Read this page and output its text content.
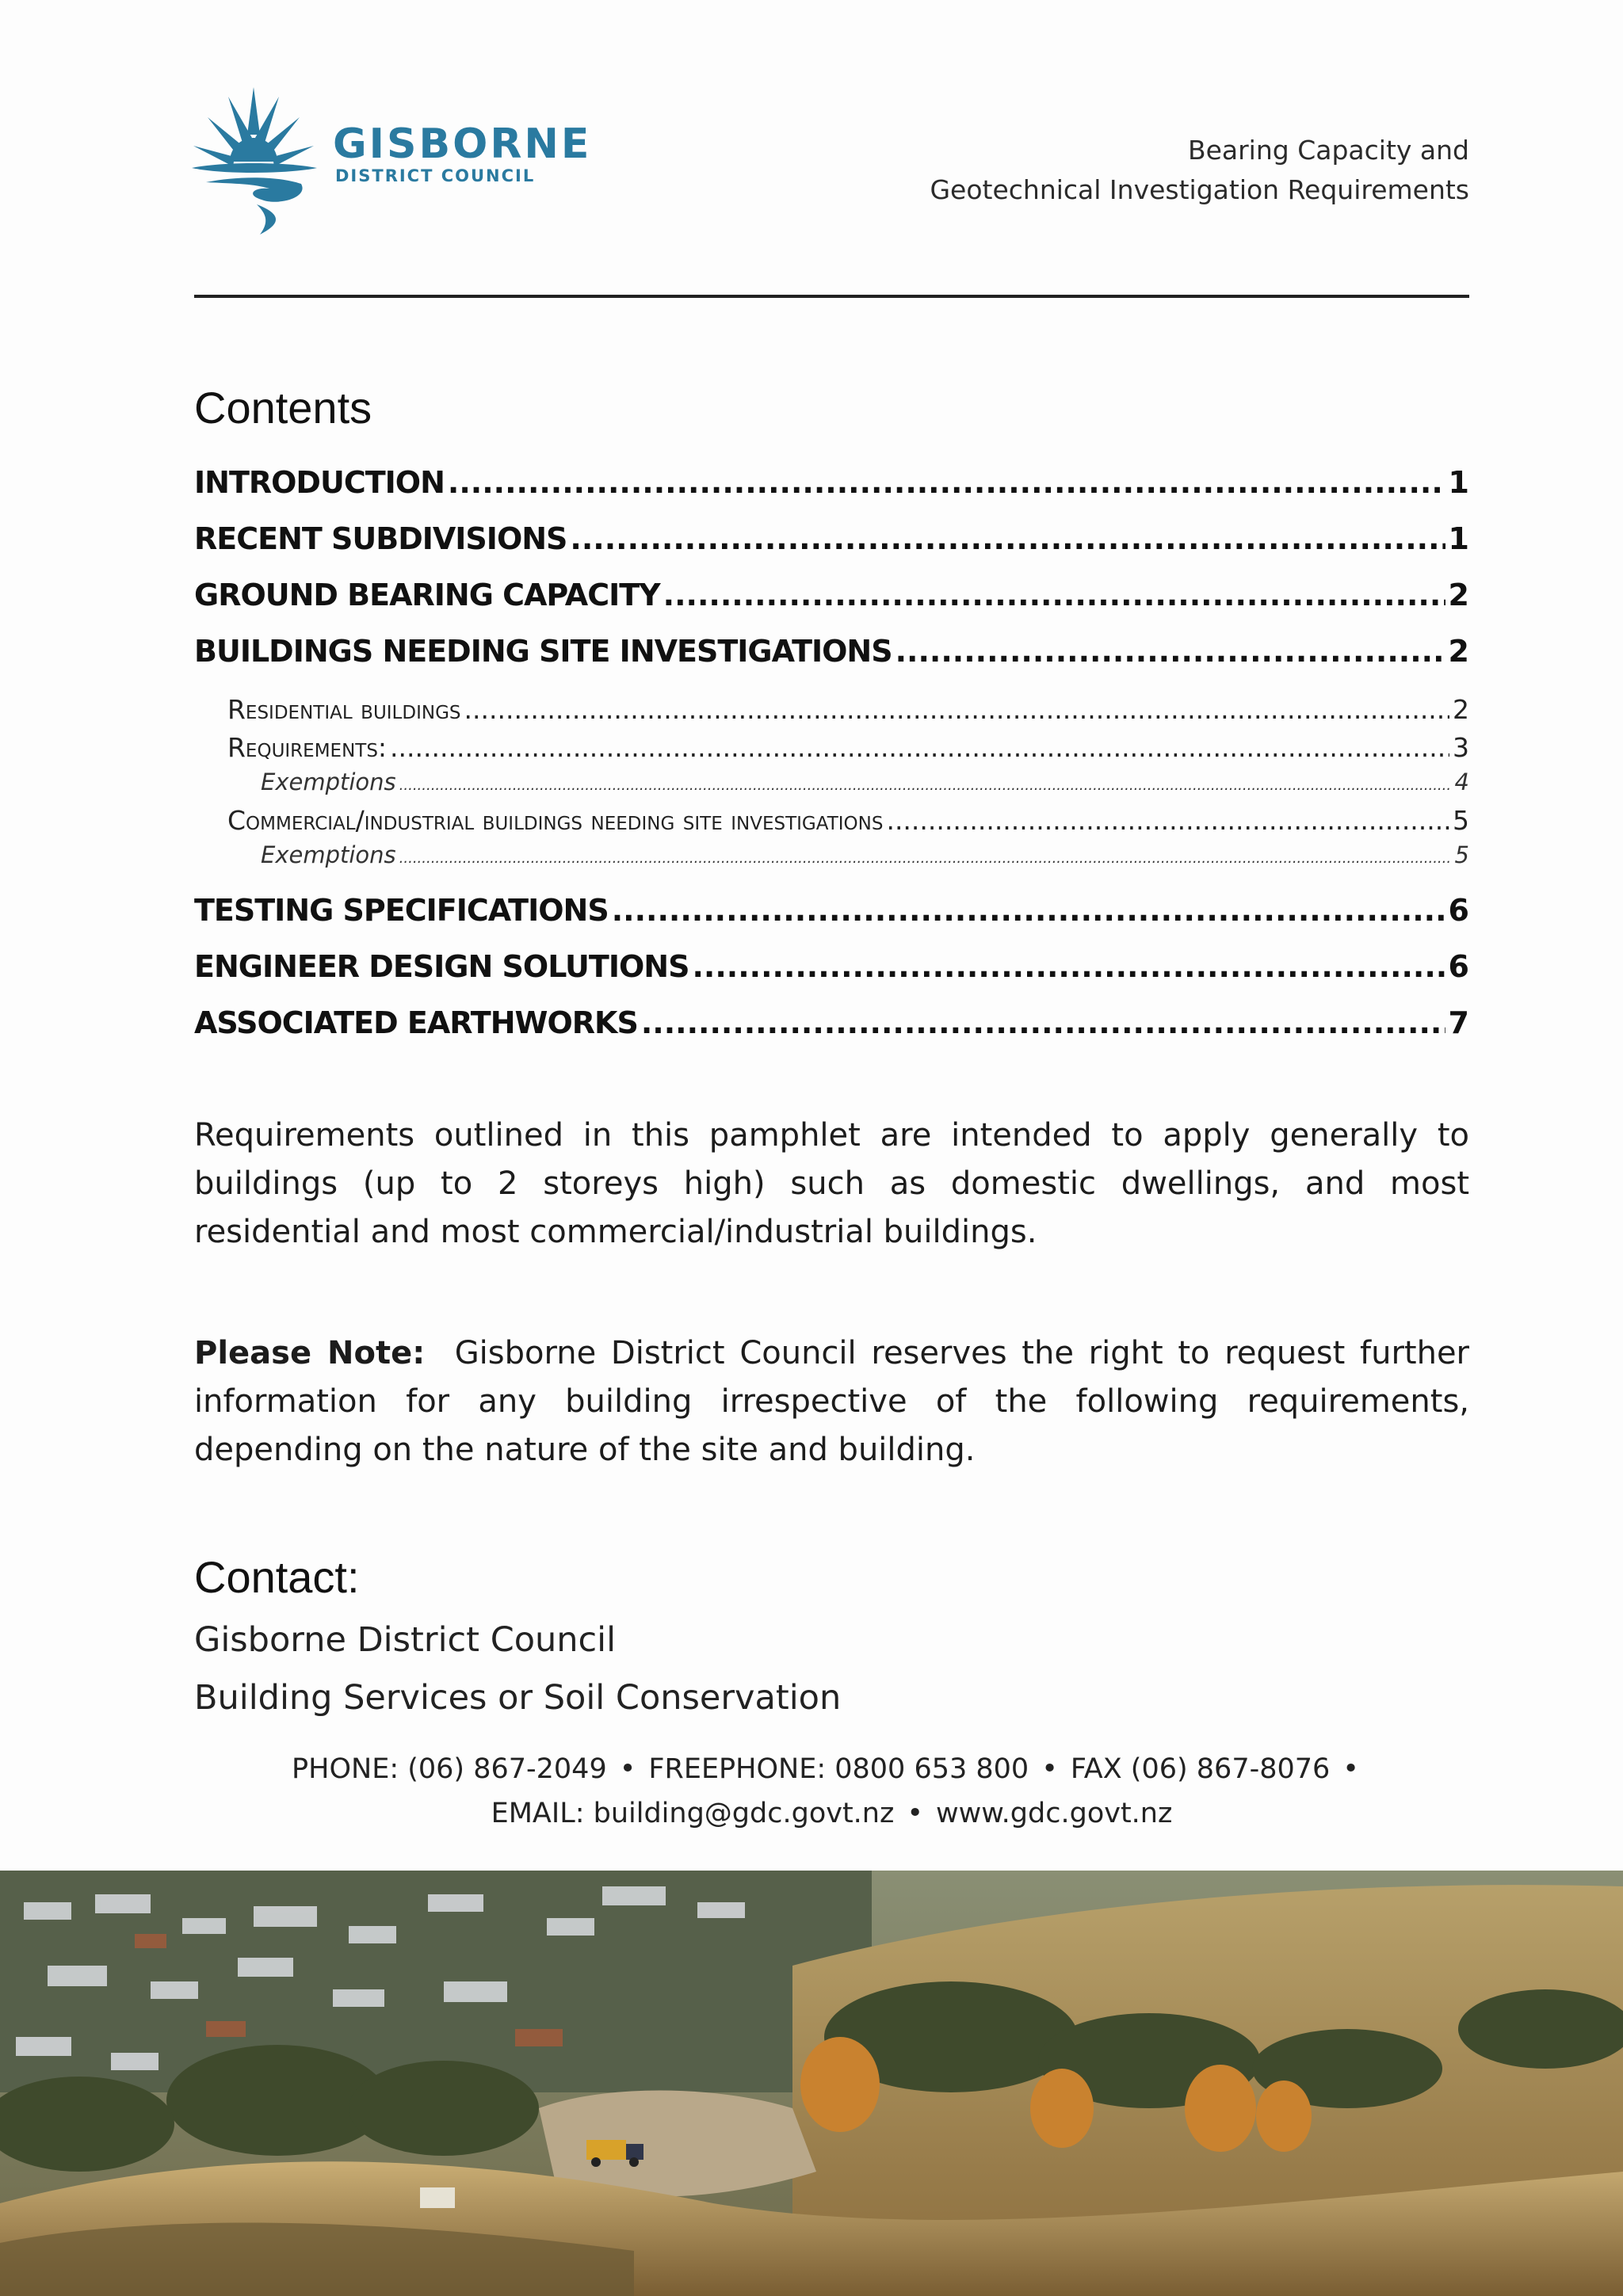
GISBORNE
DISTRICT COUNCIL
Bearing Capacity and
Geotechnical Investigation Requirements
Contents
INTRODUCTION .....	1
RECENT SUBDIVISIONS .....	1
GROUND BEARING CAPACITY .....	2
BUILDINGS NEEDING SITE INVESTIGATIONS .....	2
Residential buildings .....	2
Requirements: .....	3
Exemptions .....	4
Commercial/industrial buildings needing site investigations .....	5
Exemptions .....	5
TESTING SPECIFICATIONS .....	6
ENGINEER DESIGN SOLUTIONS .....	6
ASSOCIATED EARTHWORKS .....	7
Requirements outlined in this pamphlet are intended to apply generally to buildings (up to 2 storeys high) such as domestic dwellings, and most residential and most commercial/industrial buildings.
Please Note: Gisborne District Council reserves the right to request further information for any building irrespective of the following requirements, depending on the nature of the site and building.
Contact:
Gisborne District Council
Building Services or Soil Conservation
PHONE: (06) 867-2049 • FREEPHONE: 0800 653 800 • FAX (06) 867-8076 •
EMAIL: building@gdc.govt.nz • www.gdc.govt.nz
